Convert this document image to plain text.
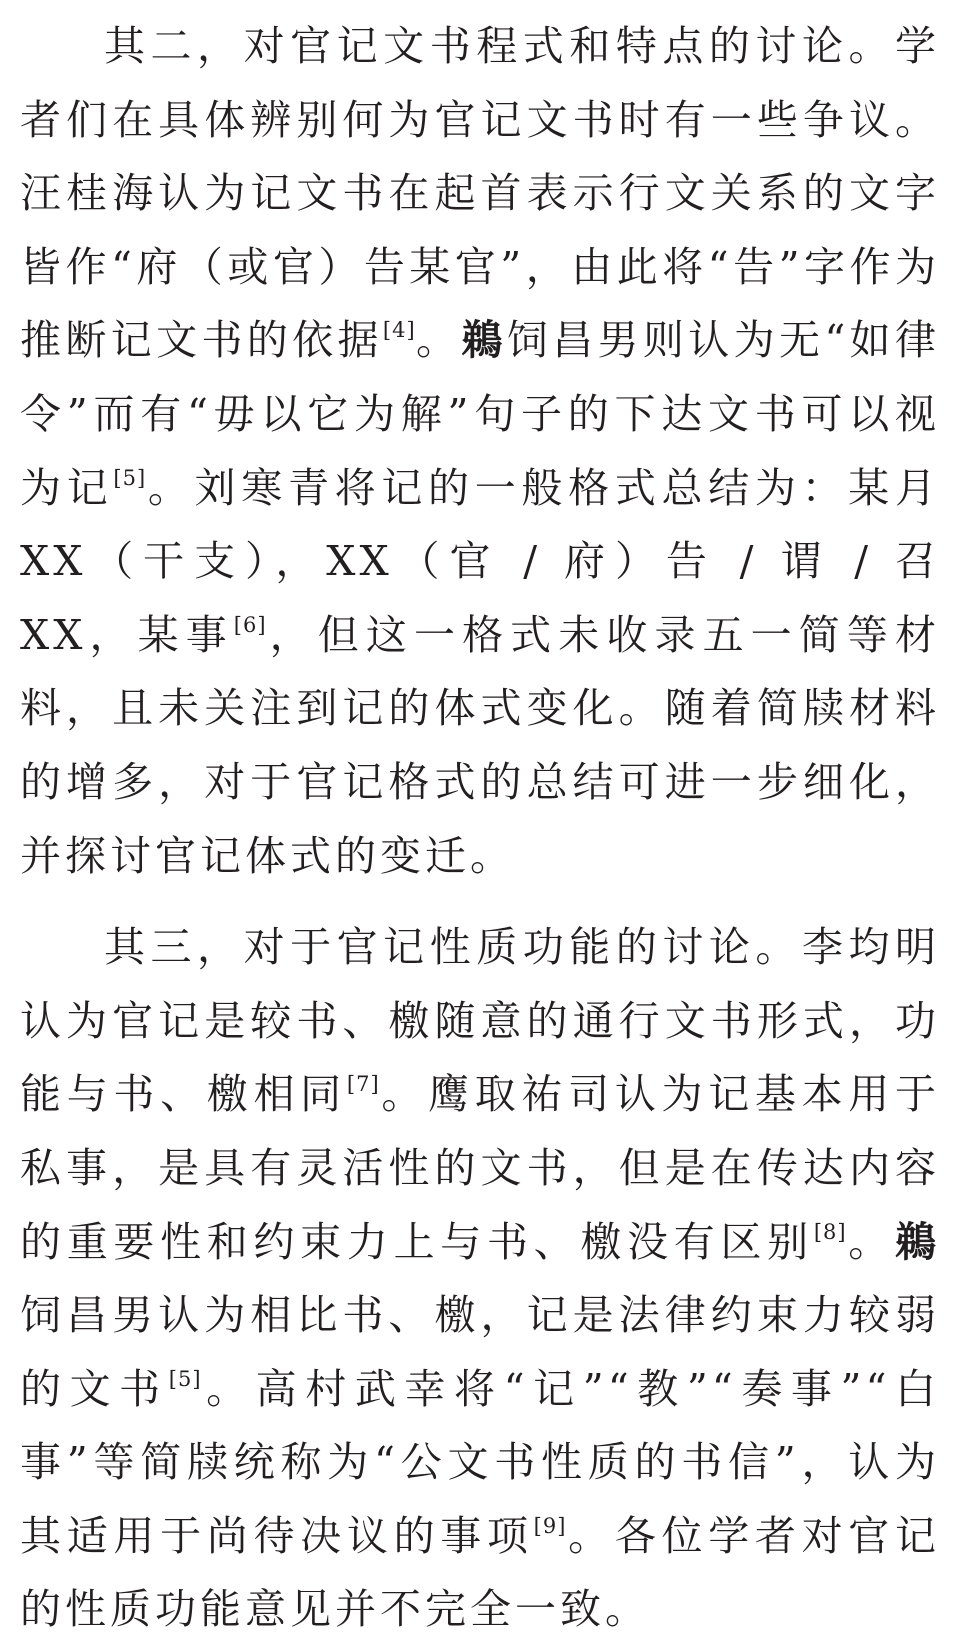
其二，对官记文书程式和特点的讨论。学者们在具体辨别何为官记文书时有一些争议。汪桂海认为记文书在起首表示行文关系的文字皆作“府（或官）告某官”，由此将“告”字作为推断记文书的依据[4]。鵜饲昌男则认为无“如律令”而有“毋以它为解”句子的下达文书可以视为记[5]。刘寒青将记的一般格式总结为：某月 XX（干支），XX（官 / 府）告 / 谓 / 召 XX，某事[6]，但这一格式未收录五一简等材料，且未关注到记的体式变化。随着简牍材料的增多，对于官记格式的总结可进一步细化，并探讨官记体式的变迁。

其三，对于官记性质功能的讨论。李均明认为官记是较书、檄随意的通行文书形式，功能与书、檄相同[7]。鹰取祐司认为记基本用于私事，是具有灵活性的文书，但是在传达内容的重要性和约束力上与书、檄没有区别[8]。鵜饲昌男认为相比书、檄，记是法律约束力较弱的文书[5]。高村武幸将“记”“教”“奏事”“白事”等简牍统称为“公文书性质的书信”，认为其适用于尚待决议的事项[9]。各位学者对官记的性质功能意见并不完全一致。
